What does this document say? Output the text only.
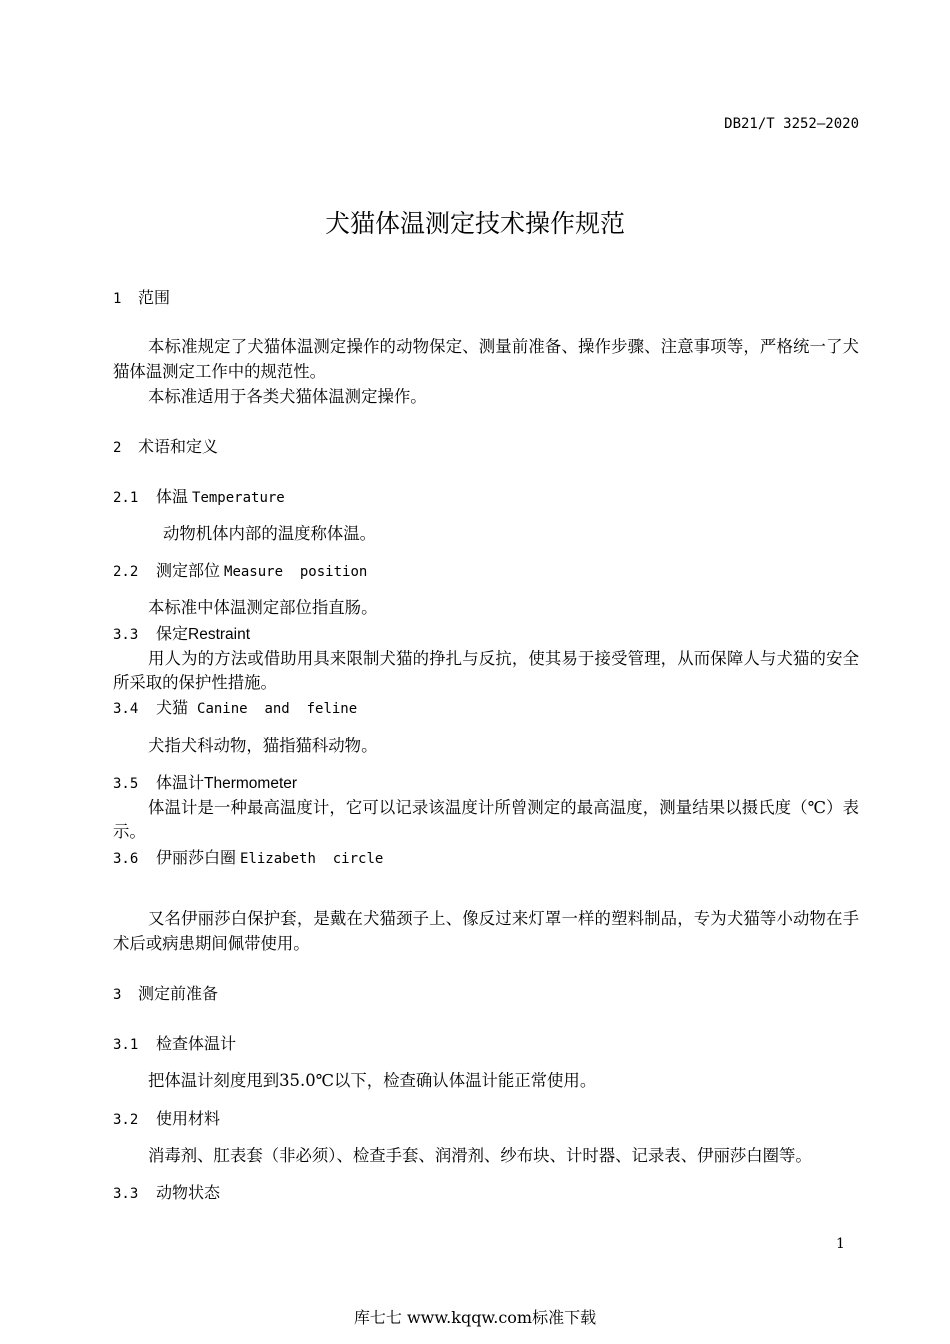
DB21/T 3252—2020
犬猫体温测定技术操作规范
1 范围
本标准规定了犬猫体温测定操作的动物保定、测量前准备、操作步骤、注意事项等，严格统一了犬
猫体温测定工作中的规范性。
本标准适用于各类犬猫体温测定操作。
2 术语和定义
2.1 体温 Temperature
动物机体内部的温度称体温。
2.2 测定部位 Measure  position
本标准中体温测定部位指直肠。
3.3 保定Restraint
用人为的方法或借助用具来限制犬猫的挣扎与反抗，使其易于接受管理，从而保障人与犬猫的安全
所采取的保护性措施。
3.4 犬猫 Canine  and  feline
犬指犬科动物，猫指猫科动物。
3.5 体温计Thermometer
体温计是一种最高温度计，它可以记录该温度计所曾测定的最高温度，测量结果以摄氏度（℃）表
示。
3.6 伊丽莎白圈 Elizabeth  circle
又名伊丽莎白保护套，是戴在犬猫颈子上、像反过来灯罩一样的塑料制品，专为犬猫等小动物在手
术后或病患期间佩带使用。
3 测定前准备
3.1 检查体温计
把体温计刻度甩到35.0℃以下，检查确认体温计能正常使用。
3.2 使用材料
消毒剂、肛表套（非必须）、检查手套、润滑剂、纱布块、计时器、记录表、伊丽莎白圈等。
3.3 动物状态
1
库七七 www.kqqw.com标准下载
